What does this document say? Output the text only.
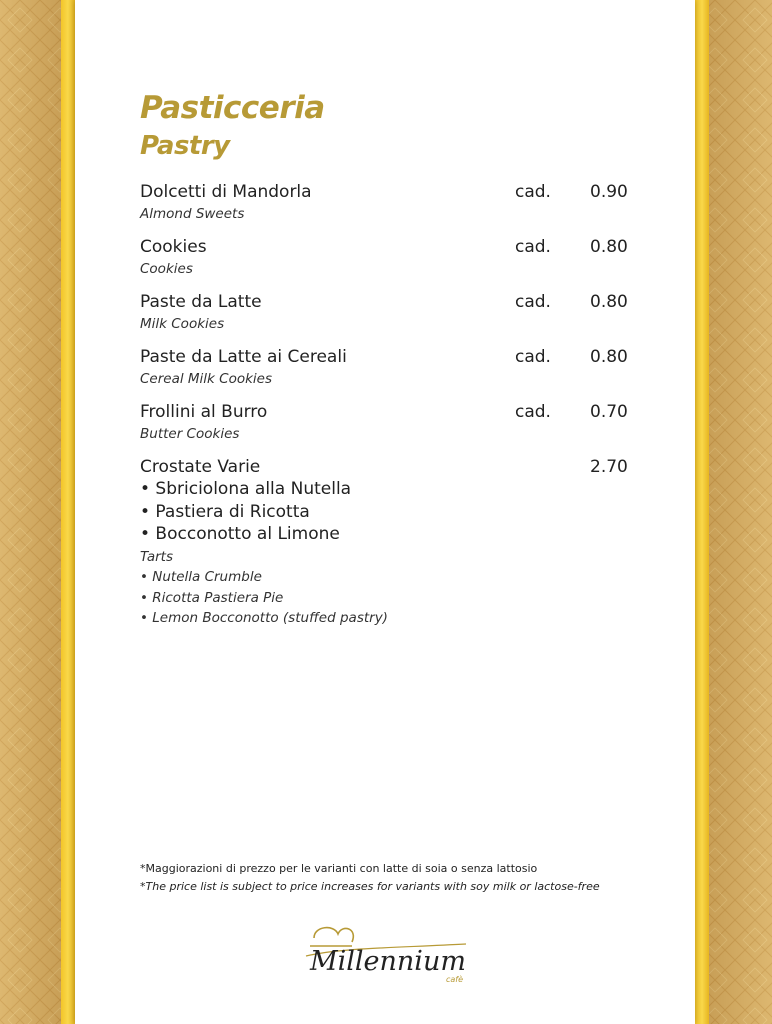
Pasticceria
Pastry
Dolcetti di Mandorla
Almond Sweets
cad. 0.90
Cookies
Cookies
cad. 0.80
Paste da Latte
Milk Cookies
cad. 0.80
Paste da Latte ai Cereali
Cereal Milk Cookies
cad. 0.80
Frollini al Burro
Butter Cookies
cad. 0.70
Crostate Varie
• Sbriciolona alla Nutella
• Pastiera di Ricotta
• Bocconotto al Limone
Tarts
• Nutella Crumble
• Ricotta Pastiera Pie
• Lemon Bocconotto (stuffed pastry)
2.70
*Maggiorazioni di prezzo per le varianti con latte di soia o senza lattosio
*The price list is subject to price increases for variants with soy milk or lactose-free
Millennium
cafè
